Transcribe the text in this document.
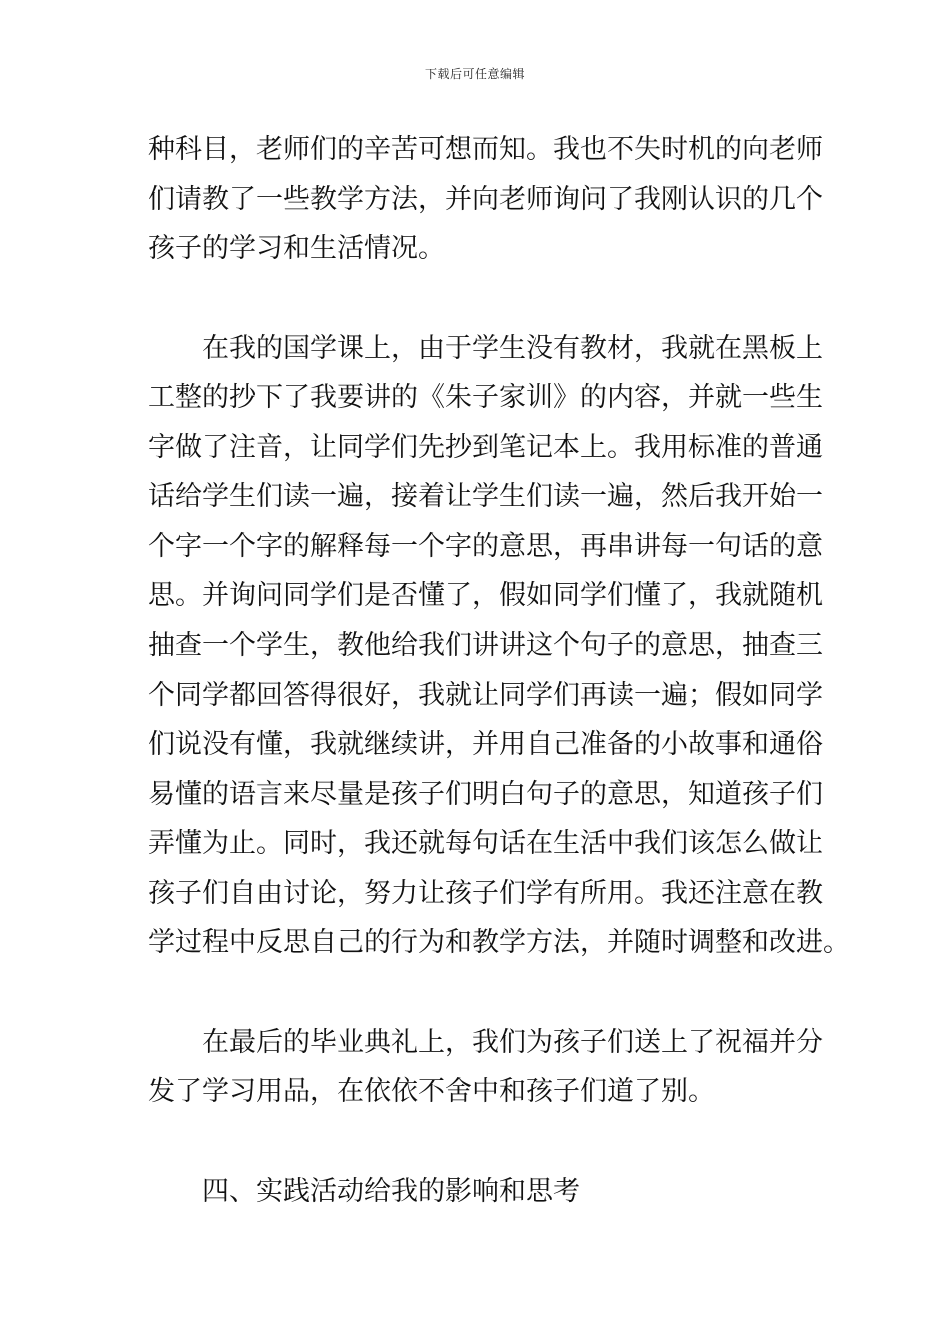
下载后可任意编辑
种科目，老师们的辛苦可想而知。我也不失时机的向老师
们请教了一些教学方法，并向老师询问了我刚认识的几个
孩子的学习和生活情况。
　　在我的国学课上，由于学生没有教材，我就在黑板上
工整的抄下了我要讲的《朱子家训》的内容，并就一些生
字做了注音，让同学们先抄到笔记本上。我用标准的普通
话给学生们读一遍，接着让学生们读一遍，然后我开始一
个字一个字的解释每一个字的意思，再串讲每一句话的意
思。并询问同学们是否懂了，假如同学们懂了，我就随机
抽查一个学生，教他给我们讲讲这个句子的意思，抽查三
个同学都回答得很好，我就让同学们再读一遍；假如同学
们说没有懂，我就继续讲，并用自己准备的小故事和通俗
易懂的语言来尽量是孩子们明白句子的意思，知道孩子们
弄懂为止。同时，我还就每句话在生活中我们该怎么做让
孩子们自由讨论，努力让孩子们学有所用。我还注意在教
学过程中反思自己的行为和教学方法，并随时调整和改进。
　　在最后的毕业典礼上，我们为孩子们送上了祝福并分
发了学习用品，在依依不舍中和孩子们道了别。
　　四、实践活动给我的影响和思考
